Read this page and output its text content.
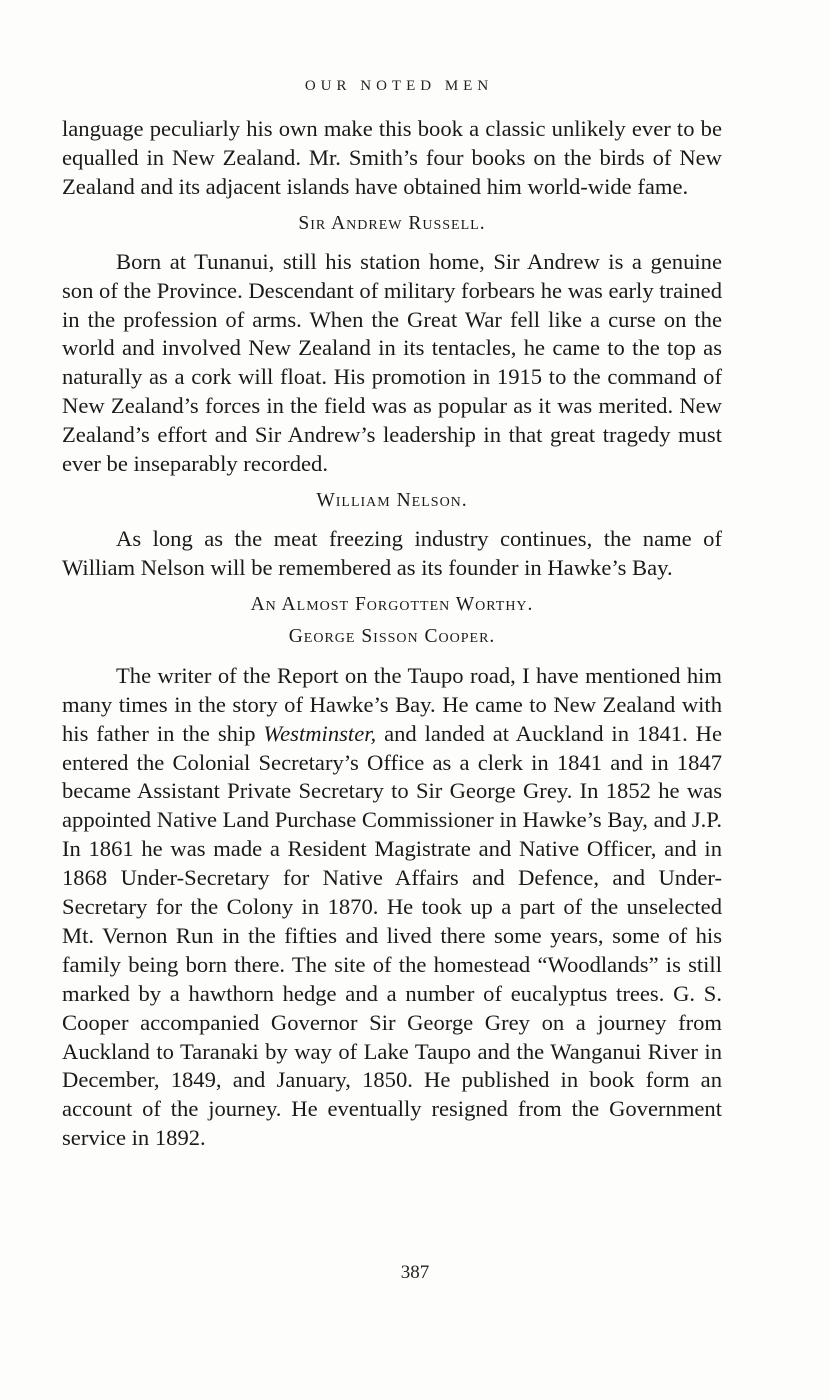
OUR NOTED MEN

language peculiarly his own make this book a classic unlikely ever to be equalled in New Zealand. Mr. Smith’s four books on the birds of New Zealand and its adjacent islands have obtained him world-wide fame.

Sir Andrew Russell.

Born at Tunanui, still his station home, Sir Andrew is a genuine son of the Province. Descendant of military forbears he was early trained in the profession of arms. When the Great War fell like a curse on the world and involved New Zealand in its tentacles, he came to the top as naturally as a cork will float. His promotion in 1915 to the command of New Zealand’s forces in the field was as popular as it was merited. New Zealand’s effort and Sir Andrew’s leadership in that great tragedy must ever be inseparably recorded.

William Nelson.

As long as the meat freezing industry continues, the name of William Nelson will be remembered as its founder in Hawke’s Bay.

An Almost Forgotten Worthy.
George Sisson Cooper.

The writer of the Report on the Taupo road, I have mentioned him many times in the story of Hawke’s Bay. He came to New Zealand with his father in the ship Westminster, and landed at Auckland in 1841. He entered the Colonial Secretary’s Office as a clerk in 1841 and in 1847 became Assistant Private Secretary to Sir George Grey. In 1852 he was appointed Native Land Purchase Commissioner in Hawke’s Bay, and J.P. In 1861 he was made a Resident Magistrate and Native Officer, and in 1868 Under-Secretary for Native Affairs and Defence, and Under-Secretary for the Colony in 1870. He took up a part of the unselected Mt. Vernon Run in the fifties and lived there some years, some of his family being born there. The site of the homestead “Woodlands” is still marked by a hawthorn hedge and a number of eucalyptus trees. G. S. Cooper accompanied Governor Sir George Grey on a journey from Auckland to Taranaki by way of Lake Taupo and the Wanganui River in December, 1849, and January, 1850. He published in book form an account of the journey. He eventually resigned from the Government service in 1892.

387
